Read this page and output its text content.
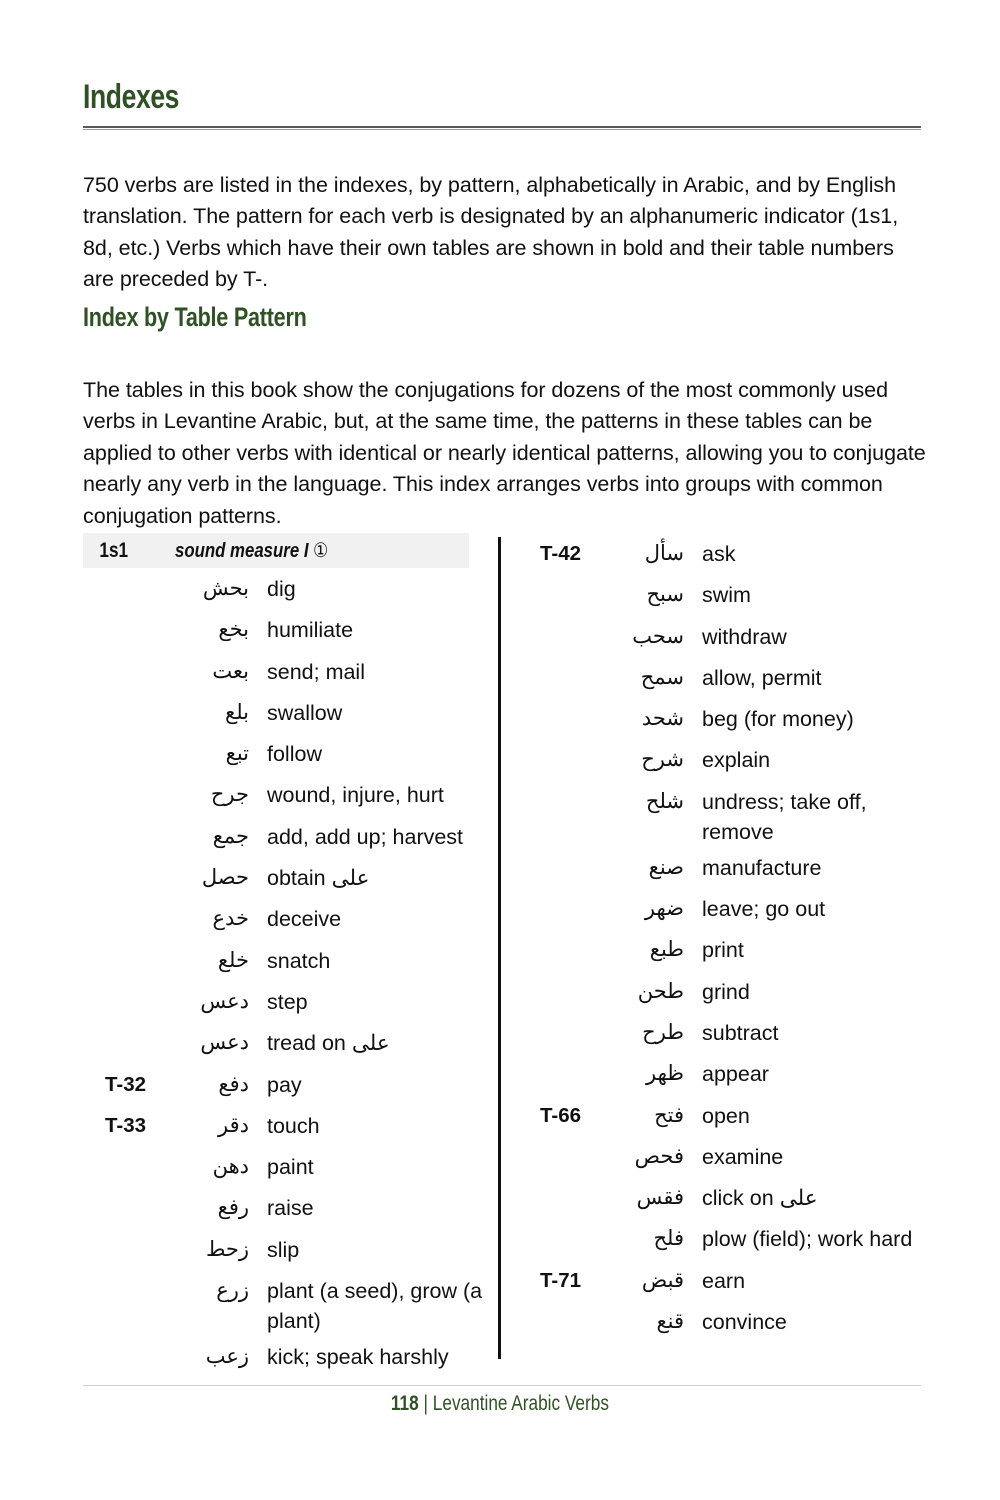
Indexes

750 verbs are listed in the indexes, by pattern, alphabetically in Arabic, and by English translation. The pattern for each verb is designated by an alphanumeric indicator (1s1, 8d, etc.) Verbs which have their own tables are shown in bold and their table numbers are preceded by T-.

Index by Table Pattern

The tables in this book show the conjugations for dozens of the most commonly used verbs in Levantine Arabic, but, at the same time, the patterns in these tables can be applied to other verbs with identical or nearly identical patterns, allowing you to conjugate nearly any verb in the language. This index arranges verbs into groups with common conjugation patterns.

1s1	sound measure I ①
بحش dig
بخع humiliate
بعت send; mail
بلع swallow
تبع follow
جرح wound, injure, hurt
جمع add, add up; harvest
حصل obtain على
خدع deceive
خلع snatch
دعس step
دعس tread on على
T-32	دفع pay
T-33	دقر touch
دهن paint
رفع raise
زحط slip
زرع plant (a seed), grow (a plant)
زعب kick; speak harshly
T-42	سأل ask
سبح swim
سحب withdraw
سمح allow, permit
شحد beg (for money)
شرح explain
شلح undress; take off, remove
صنع manufacture
ضهر leave; go out
طبع print
طحن grind
طرح subtract
ظهر appear
T-66	فتح open
فحص examine
فقس click on على
فلح plow (field); work hard
T-71	قبض earn
قنع convince
118 | Levantine Arabic Verbs
